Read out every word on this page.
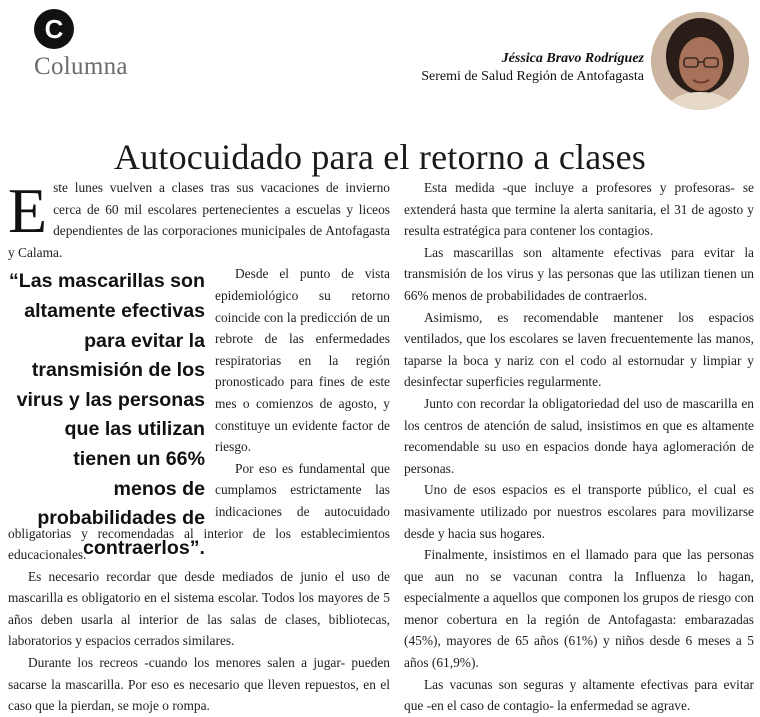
C
Columna	Jéssica Bravo Rodríguez
Seremi de Salud Región de Antofagasta
Autocuidado para el retorno a clases

Este lunes vuelven a clases tras sus vacaciones de invierno cerca de 60 mil escolares pertenecientes a escuelas y liceos dependientes de las corporaciones municipales de Antofagasta y Calama.

“Las mascarillas son altamente efectivas para evitar la transmisión de los virus y las personas que las utilizan tienen un 66% menos de probabilidades de contraerlos”.
Desde el punto de vista epidemiológico su retorno coincide con la predicción de un rebrote de las enfermedades respiratorias en la región pronosticado para fines de este mes o comienzos de agosto, y constituye un evidente factor de riesgo.

Por eso es fundamental que cumplamos estrictamente las indicaciones de autocuidado obligatorias y recomendadas al interior de los establecimientos educacionales.

Es necesario recordar que desde mediados de junio el uso de mascarilla es obligatorio en el sistema escolar. Todos los mayores de 5 años deben usarla al interior de las salas de clases, bibliotecas, laboratorios y espacios cerrados similares.

Durante los recreos -cuando los menores salen a jugar- pueden sacarse la mascarilla. Por eso es necesario que lleven repuestos, en el caso que la pierdan, se moje o rompa.

Esta medida -que incluye a profesores y profesoras- se extenderá hasta que termine la alerta sanitaria, el 31 de agosto y resulta estratégica para contener los contagios.

Las mascarillas son altamente efectivas para evitar la transmisión de los virus y las personas que las utilizan tienen un 66% menos de probabilidades de contraerlos.

Asimismo, es recomendable mantener los espacios ventilados, que los escolares se laven frecuentemente las manos, taparse la boca y nariz con el codo al estornudar y limpiar y desinfectar superficies regularmente.

Junto con recordar la obligatoriedad del uso de mascarilla en los centros de atención de salud, insistimos en que es altamente recomendable su uso en espacios donde haya aglomeración de personas.

Uno de esos espacios es el transporte público, el cual es masivamente utilizado por nuestros escolares para movilizarse desde y hacia sus hogares.

Finalmente, insistimos en el llamado para que las personas que aun no se vacunan contra la Influenza lo hagan, especialmente a aquellos que componen los grupos de riesgo con menor cobertura en la región de Antofagasta: embarazadas (45%), mayores de 65 años (61%) y niños desde 6 meses a 5 años (61,9%).

Las vacunas son seguras y altamente efectivas para evitar que -en el caso de contagio- la enfermedad se agrave.
